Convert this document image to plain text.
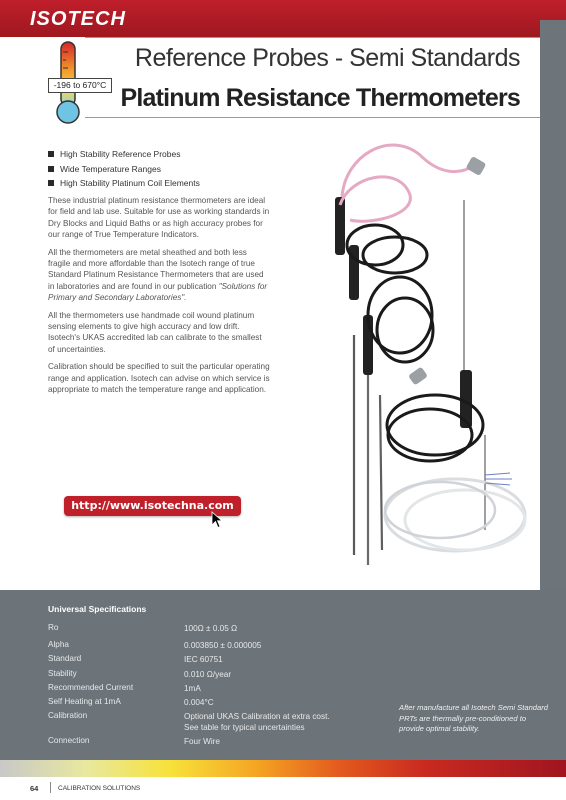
ISOTECH
Reference Probes - Semi Standards
Platinum Resistance Thermometers
-196 to 670°C
High Stability Reference Probes
Wide Temperature Ranges
High Stability Platinum Coil Elements

These industrial platinum resistance thermometers are ideal for field and lab use. Suitable for use as working standards in Dry Blocks and Liquid Baths or as high accuracy probes for our range of True Temperature Indicators.

All the thermometers are metal sheathed and both less fragile and more affordable than the Isotech range of true Standard Platinum Resistance Thermometers that are used in laboratories and are found in our publication "Solutions for Primary and Secondary Laboratories".

All the thermometers use handmade coil wound platinum sensing elements to give high accuracy and low drift. Isotech's UKAS accredited lab can calibrate to the smallest of uncertainties.

Calibration should be specified to suit the particular operating range and application. Isotech can advise on which service is appropriate to match the temperature range and application.

http://www.isotechna.com
Universal Specifications
Ro	100Ω ± 0.05 Ω
Alpha	0.003850 ± 0.000005
Standard	IEC 60751
Stability	0.010 Ω/year
Recommended Current	1mA
Self Heating at 1mA	0.004°C
Calibration	Optional UKAS Calibration at extra cost.
See table for typical uncertainties
Connection	Four Wire
After manufacture all Isotech Semi Standard PRTs are thermally pre-conditioned to provide optimal stability.
64	CALIBRATION SOLUTIONS
